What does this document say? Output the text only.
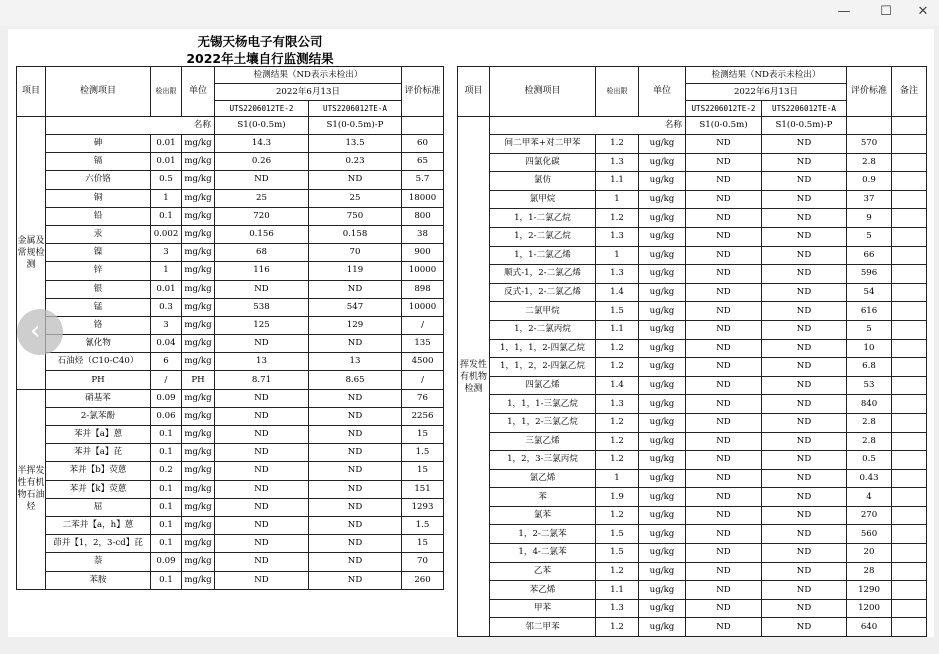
—	☐	✕
无锡天杨电子有限公司
2022年土壤自行监测结果
项目	检测项目	检出限	单位	检测结果（ND表示未检出）		评价标准
				2022年6月13日		
				UTS2206012TE-2	UTS2206012TE-A	
金属及常规检测	名称			S1(0-0.5m)	S1(0-0.5m)-P	
	砷	0.01	mg/kg	14.3	13.5	60
	镉	0.01	mg/kg	0.26	0.23	65
	六价铬	0.5	mg/kg	ND	ND	5.7
	铜	1	mg/kg	25	25	18000
	铅	0.1	mg/kg	720	750	800
	汞	0.002	mg/kg	0.156	0.158	38
	镍	3	mg/kg	68	70	900
	锌	1	mg/kg	116	119	10000
	银	0.01	mg/kg	ND	ND	898
	锰	0.3	mg/kg	538	547	10000
	铬	3	mg/kg	125	129	/
	氰化物	0.04	mg/kg	ND	ND	135
	石油烃（C10-C40）	6	mg/kg	13	13	4500
	PH	/	PH	8.71	8.65	/
半挥发性有机物石油烃	硝基苯	0.09	mg/kg	ND	ND	76
	2-氯苯酚	0.06	mg/kg	ND	ND	2256
	苯并【a】蒽	0.1	mg/kg	ND	ND	15
	苯并【a】芘	0.1	mg/kg	ND	ND	1.5
	苯并【b】荧蒽	0.2	mg/kg	ND	ND	15
	苯并【k】荧蒽	0.1	mg/kg	ND	ND	151
	屈	0.1	mg/kg	ND	ND	1293
	二苯并【a，h】蒽	0.1	mg/kg	ND	ND	1.5
	茚并【1，2，3-cd】芘	0.1	mg/kg	ND	ND	15
	萘	0.09	mg/kg	ND	ND	70
	苯胺	0.1	mg/kg	ND	ND	260
项目	检测项目	检出限	单位	检测结果（ND表示未检出）		评价标准	备注
				2022年6月13日			
				UTS2206012TE-2	UTS2206012TE-A		
挥发性有机物检测	名称			S1(0-0.5m)	S1(0-0.5m)-P		
	间二甲苯+对二甲苯	1.2	ug/kg	ND	ND	570	
	四氯化碳	1.3	ug/kg	ND	ND	2.8	
	氯仿	1.1	ug/kg	ND	ND	0.9	
	氯甲烷	1	ug/kg	ND	ND	37	
	1，1-二氯乙烷	1.2	ug/kg	ND	ND	9	
	1，2-二氯乙烷	1.3	ug/kg	ND	ND	5	
	1，1-二氯乙烯	1	ug/kg	ND	ND	66	
	顺式-1，2-二氯乙烯	1.3	ug/kg	ND	ND	596	
	反式-1，2-二氯乙烯	1.4	ug/kg	ND	ND	54	
	二氯甲烷	1.5	ug/kg	ND	ND	616	
	1，2-二氯丙烷	1.1	ug/kg	ND	ND	5	
	1，1，1，2-四氯乙烷	1.2	ug/kg	ND	ND	10	
	1，1，2，2-四氯乙烷	1.2	ug/kg	ND	ND	6.8	
	四氯乙烯	1.4	ug/kg	ND	ND	53	
	1，1，1-三氯乙烷	1.3	ug/kg	ND	ND	840	
	1，1，2-三氯乙烷	1.2	ug/kg	ND	ND	2.8	
	三氯乙烯	1.2	ug/kg	ND	ND	2.8	
	1，2，3-三氯丙烷	1.2	ug/kg	ND	ND	0.5	
	氯乙烯	1	ug/kg	ND	ND	0.43	
	苯	1.9	ug/kg	ND	ND	4	
	氯苯	1.2	ug/kg	ND	ND	270	
	1，2-二氯苯	1.5	ug/kg	ND	ND	560	
	1，4-二氯苯	1.5	ug/kg	ND	ND	20	
	乙苯	1.2	ug/kg	ND	ND	28	
	苯乙烯	1.1	ug/kg	ND	ND	1290	
	甲苯	1.3	ug/kg	ND	ND	1200	
	邻二甲苯	1.2	ug/kg	ND	ND	640	
‹
